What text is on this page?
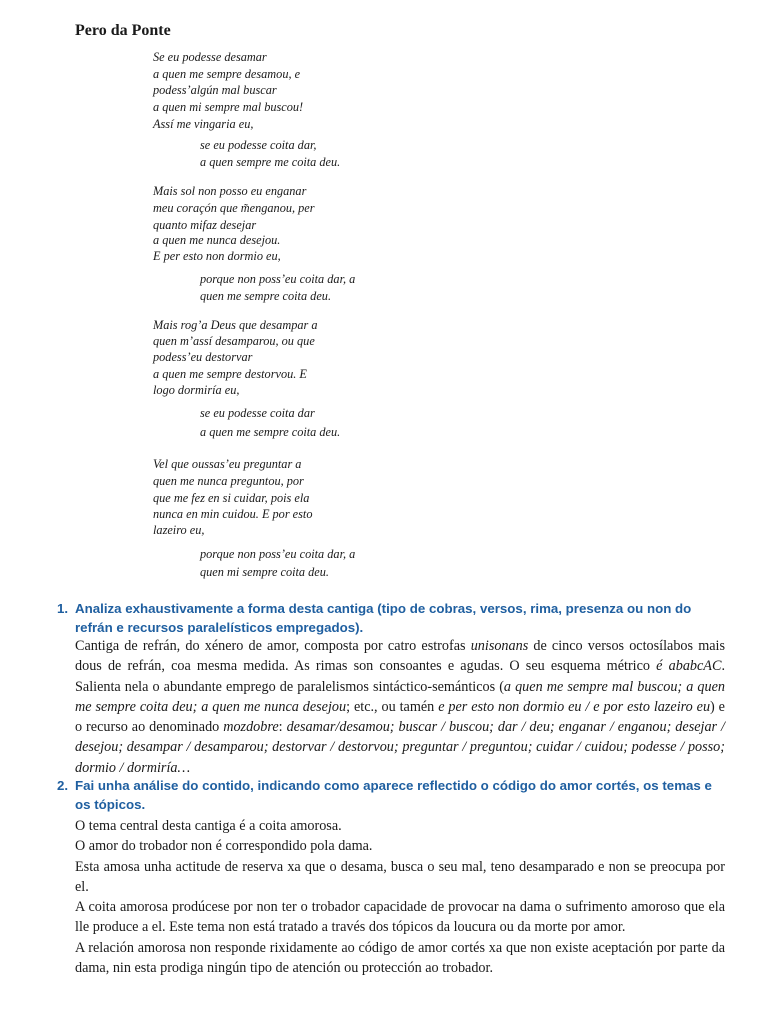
Pero da Ponte
Se eu podesse desamar
a quen me sempre desamou, e
podess’algún mal buscar
a quen mi sempre mal buscou!
Assí me vingaria eu,
se eu podesse coita dar,
a quen sempre me coita deu.
Mais sol non posso eu enganar
meu coraçón que m̃enganou, per
quanto mifaz desejar
a quen me nunca desejou.
E per esto non dormio eu,
porque non poss’eu coita dar, a
quen me sempre coita deu.
Mais rog’a Deus que desampar a
quen m’assí desamparou, ou que
podess’eu destorvar
a quen me sempre destorvou. E
logo dormiría eu,
se eu podesse coita dar
a quen me sempre coita deu.
Vel que oussas’eu preguntar a
quen me nunca preguntou, por
que me fez en si cuidar, pois ela
nunca en min cuidou. E por esto
lazeiro eu,
porque non poss’eu coita dar, a
quen mi sempre coita deu.
1. Analiza exhaustivamente a forma desta cantiga (tipo de cobras, versos, rima, presenza ou non do refrán e recursos paralelísticos empregados).

Cantiga de refrán, do xénero de amor, composta por catro estrofas unisonans de cinco versos octosílabos mais dous de refrán, coa mesma medida. As rimas son consoantes e agudas. O seu esquema métrico é ababcAC. Salienta nela o abundante emprego de paralelismos sintáctico-semánticos (a quen me sempre mal buscou; a quen me sempre coita deu; a quen me nunca desejou; etc., ou tamén e per esto non dormio eu / e por esto lazeiro eu) e o recurso ao denominado mozdobre: desamar/desamou; buscar / buscou; dar / deu; enganar / enganou; desejar / desejou; desampar / desamparou; destorvar / destorvou; preguntar / preguntou; cuidar / cuidou; podesse / posso; dormio / dormiría…

2. Fai unha análise do contido, indicando como aparece reflectido o código do amor cortés, os temas e os tópicos.

O tema central desta cantiga é a coita amorosa.

O amor do trobador non é correspondido pola dama.

Esta amosa unha actitude de reserva xa que o desama, busca o seu mal, teno desamparado e non se preocupa por el.

A coita amorosa prodúcese por non ter o trobador capacidade de provocar na dama o sufrimento amoroso que ela lle produce a el. Este tema non está tratado a través dos tópicos da loucura ou da morte por amor.

A relación amorosa non responde rixidamente ao código de amor cortés xa que non existe aceptación por parte da dama, nin esta prodiga ningún tipo de atención ou protección ao trobador.
